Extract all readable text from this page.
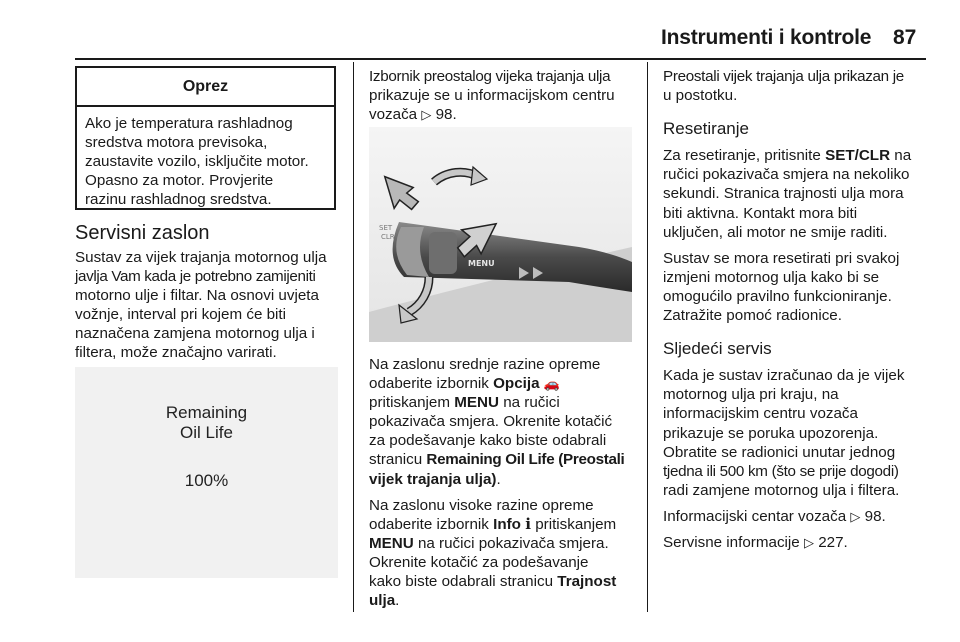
Instrumenti i kontrole 87
Oprez
Ako je temperatura rashladnog
sredstva motora previsoka,
zaustavite vozilo, isključite motor.
Opasno za motor. Provjerite
razinu rashladnog sredstva.
Servisni zaslon
Sustav za vijek trajanja motornog ulja
javlja Vam kada je potrebno zamijeniti
motorno ulje i filtar. Na osnovi uvjeta
vožnje, interval pri kojem će biti
naznačena zamjena motornog ulja i
filtera, može značajno varirati.
Remaining
Oil Life
100%
Izbornik preostalog vijeka trajanja ulja
prikazuje se u informacijskom centru
vozača ▷ 98.
SET
CLR
MENU

Na zaslonu srednje razine opreme
odaberite izbornik Opcija 🚗
pritiskanjem MENU na ručici
pokazivača smjera. Okrenite kotačić
za podešavanje kako biste odabrali
stranicu Remaining Oil Life (Preostali
vijek trajanja ulja).

Na zaslonu visoke razine opreme
odaberite izbornik Info i pritiskanjem
MENU na ručici pokazivača smjera.
Okrenite kotačić za podešavanje
kako biste odabrali stranicu Trajnost
ulja.

Preostali vijek trajanja ulja prikazan je
u postotku.

Resetiranje

Za resetiranje, pritisnite SET/CLR na
ručici pokazivača smjera na nekoliko
sekundi. Stranica trajnosti ulja mora
biti aktivna. Kontakt mora biti
uključen, ali motor ne smije raditi.

Sustav se mora resetirati pri svakoj
izmjeni motornog ulja kako bi se
omogućilo pravilno funkcioniranje.
Zatražite pomoć radionice.

Sljedeći servis

Kada je sustav izračunao da je vijek
motornog ulja pri kraju, na
informacijskim centru vozača
prikazuje se poruka upozorenja.
Obratite se radionici unutar jednog
tjedna ili 500 km (što se prije dogodi)
radi zamjene motornog ulja i filtera.

Informacijski centar vozača ▷ 98.

Servisne informacije ▷ 227.
